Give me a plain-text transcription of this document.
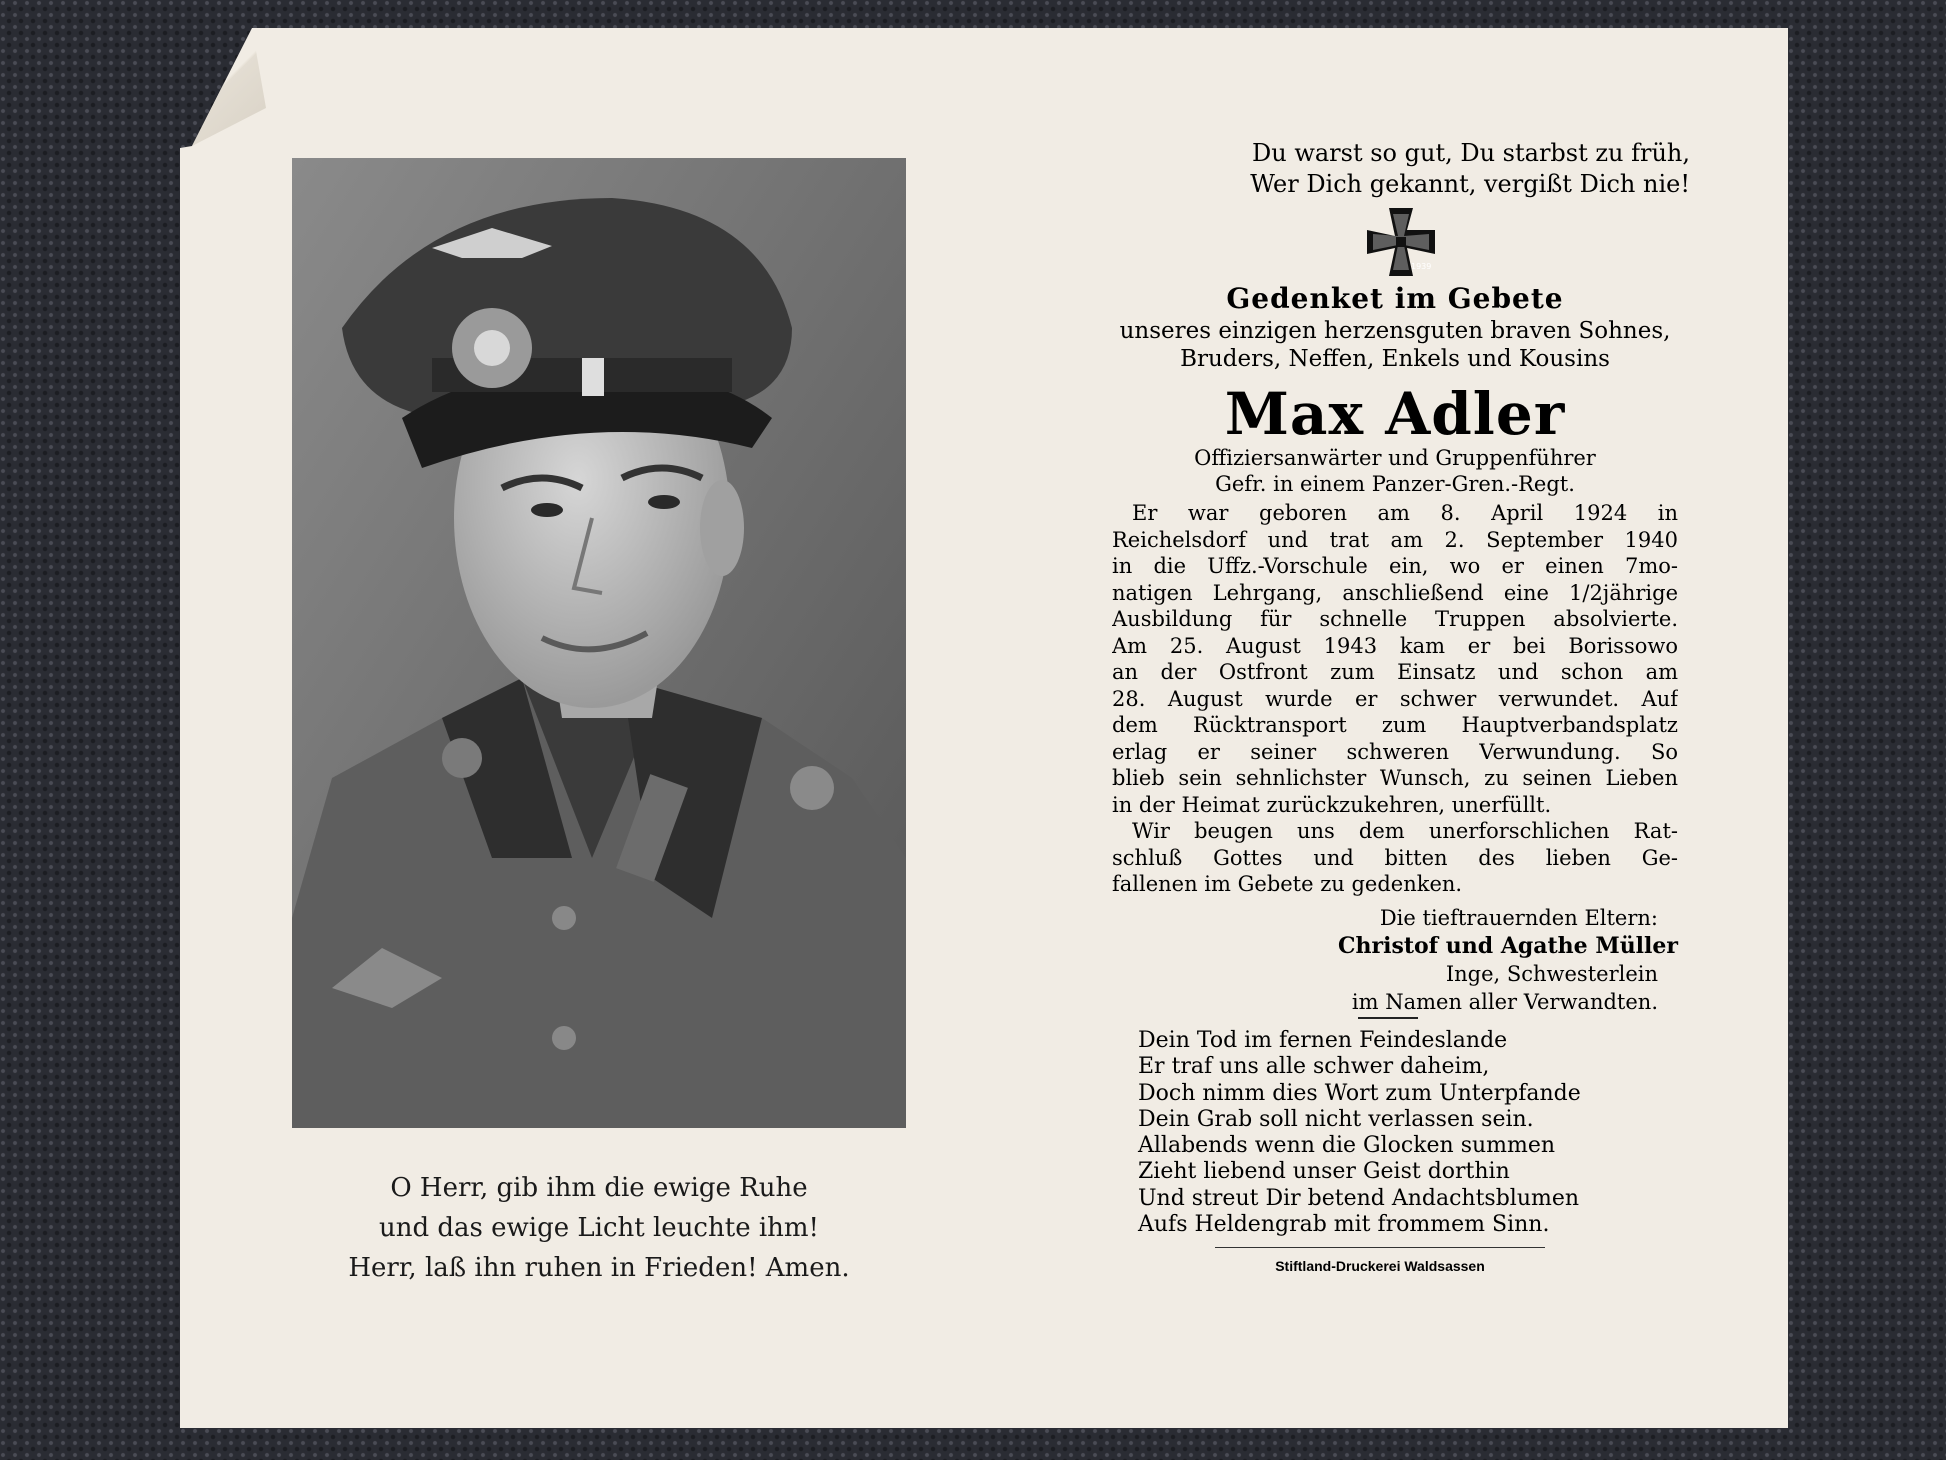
O Herr, gib ihm die ewige Ruhe
und das ewige Licht leuchte ihm!
Herr, laß ihn ruhen in Frieden! Amen.
Du warst so gut, Du starbst zu früh,
Wer Dich gekannt, vergißt Dich nie!
1939
Gedenket im Gebete
unseres einzigen herzensguten braven Sohnes,
Bruders, Neffen, Enkels und Kousins
Max Adler
Offiziersanwärter und Gruppenführer
Gefr. in einem Panzer-Gren.-Regt.
Er war geboren am 8. April 1924 in
Reichelsdorf und trat am 2. September 1940
in die Uffz.-Vorschule ein, wo er einen 7mo-
natigen Lehrgang, anschließend eine 1/2jährige
Ausbildung für schnelle Truppen absolvierte.
Am 25. August 1943 kam er bei Borissowo
an der Ostfront zum Einsatz und schon am
28. August wurde er schwer verwundet. Auf
dem Rücktransport zum Hauptverbandsplatz
erlag er seiner schweren Verwundung. So
blieb sein sehnlichster Wunsch, zu seinen Lieben
in der Heimat zurückzukehren, unerfüllt.
Wir beugen uns dem unerforschlichen Rat-
schluß Gottes und bitten des lieben Ge-
fallenen im Gebete zu gedenken.
Die tieftrauernden Eltern:
Christof und Agathe Müller
Inge, Schwesterlein
im Namen aller Verwandten.
Dein Tod im fernen Feindeslande
Er traf uns alle schwer daheim,
Doch nimm dies Wort zum Unterpfande
Dein Grab soll nicht verlassen sein.
Allabends wenn die Glocken summen
Zieht liebend unser Geist dorthin
Und streut Dir betend Andachtsblumen
Aufs Heldengrab mit frommem Sinn.
Stiftland-Druckerei Waldsassen
